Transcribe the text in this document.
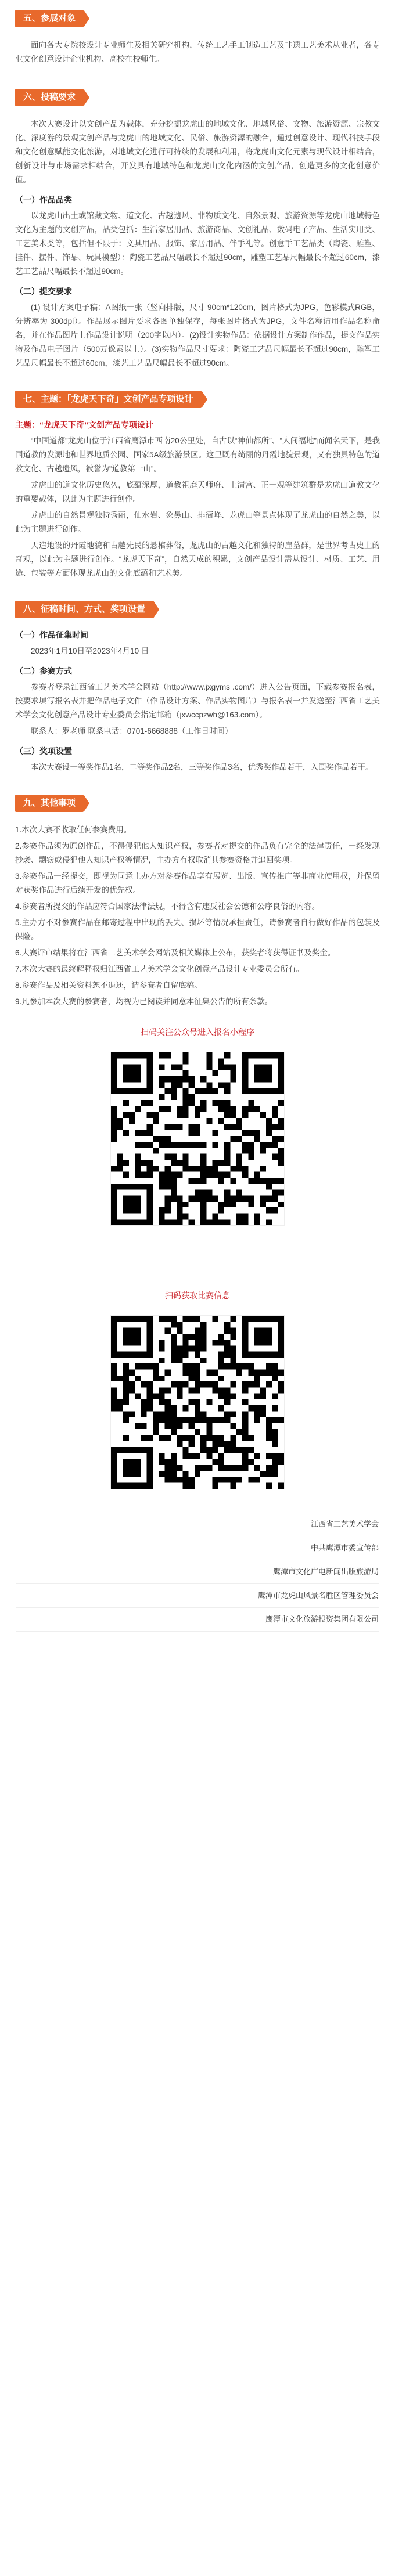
五、参展对象

面向各大专院校设计专业师生及相关研究机构，传统工艺手工制造工艺及非遗工艺美术从业者，各专业文化创意设计企业机构、高校在校师生。

六、投稿要求

本次大赛设计以文创产品为载体，充分挖掘龙虎山的地域文化、地域风俗、文物、旅游资源、宗教文化、深度游的景观文创产品与龙虎山的地域文化、民俗、旅游资源的融合，通过创意设计、现代科技手段和文化创意赋能文化旅游，对地域文化进行可持续的发展和利用，将龙虎山文化元素与现代设计相结合，创新设计与市场需求相结合，开发具有地域特色和龙虎山文化内涵的文创产品，创造更多的文化创意价值。

（一）作品品类

以龙虎山出土或馆藏文物、道文化、古越遗风、非物质文化、自然景观、旅游资源等龙虎山地域特色文化为主题的文创产品，品类包括：生活家居用品、旅游商品、文创礼品、数码电子产品、生活实用类、工艺美术类等，包括但不限于：文具用品、服饰、家居用品、伴手礼等。创意手工艺品类（陶瓷、雕塑、挂件、摆件、饰品、玩具模型）：陶瓷工艺品尺幅最长不超过90cm，雕塑工艺品尺幅最长不超过60cm，漆艺工艺品尺幅最长不超过90cm。

（二）提交要求

(1) 设计方案电子稿：A图纸一张（竖向排版，尺寸 90cm*120cm，图片格式为JPG，色彩模式RGB，分辨率为 300dpi）。作品展示图片要求各图单独保存，每张图片格式为JPG，文件名称请用作品名称命名，并在作品图片上作品设计说明（200字以内）。(2)设计实物作品：依据设计方案制作作品，提交作品实物及作品电子图片（500万像素以上）。(3)实物作品尺寸要求：陶瓷工艺品尺幅最长不超过90cm，雕塑工艺品尺幅最长不超过60cm，漆艺工艺品尺幅最长不超过90cm。

七、主题：「龙虎天下奇」文创产品专项设计

主题：“龙虎天下奇”文创产品专项设计

“中国道都”龙虎山位于江西省鹰潭市西南20公里处，自古以“神仙都所”、“人间福地”而闻名天下，是我国道教的发源地和世界地质公园、国家5A级旅游景区。这里既有绮丽的丹霞地貌景观，又有独具特色的道教文化、古越遗风，被誉为“道教第一山”。

龙虎山的道文化历史悠久，底蕴深厚，道教祖庭天师府、上清宫、正一观等建筑群是龙虎山道教文化的重要载体，以此为主题进行创作。

龙虎山的自然景观独特秀丽，仙水岩、象鼻山、排衙峰、龙虎山等景点体现了龙虎山的自然之美，以此为主题进行创作。

天造地设的丹霞地貌和古越先民的悬棺葬俗，龙虎山的古越文化和独特的崖墓群，是世界考古史上的奇观，以此为主题进行创作。“龙虎天下奇”，自然天成的积累，文创产品设计需从设计、材质、工艺、用途、包装等方面体现龙虎山的文化底蕴和艺术美。

八、征稿时间、方式、奖项设置

（一）作品征集时间

2023年1月10日至2023年4月10 日

（二）参赛方式

参赛者登录江西省工艺美术学会网站（http://www.jxgyms .com/）进入公告页面，下载参赛报名表，按要求填写报名表并把作品电子文件（作品设计方案、作品实物图片）与报名表一并发送至江西省工艺美术学会文化创意产品设计专业委员会指定邮箱（jxwccpzwh@163.com）。

联系人：罗老师 联系电话：0701-6668888（工作日时间）

（三）奖项设置

本次大赛设一等奖作品1名，二等奖作品2名，三等奖作品3名，优秀奖作品若干，入围奖作品若干。

九、其他事项

1.本次大赛不收取任何参赛费用。

2.参赛作品须为原创作品，不得侵犯他人知识产权，参赛者对提交的作品负有完全的法律责任，一经发现抄袭、剽窃或侵犯他人知识产权等情况，主办方有权取消其参赛资格并追回奖项。

3.参赛作品一经提交，即视为同意主办方对参赛作品享有展览、出版、宣传推广等非商业使用权，并保留对获奖作品进行后续开发的优先权。

4.参赛者所提交的作品应符合国家法律法规，不得含有违反社会公德和公序良俗的内容。

5.主办方不对参赛作品在邮寄过程中出现的丢失、损坏等情况承担责任，请参赛者自行做好作品的包装及保险。

6.大赛评审结果将在江西省工艺美术学会网站及相关媒体上公布，获奖者将获得证书及奖金。

7.本次大赛的最终解释权归江西省工艺美术学会文化创意产品设计专业委员会所有。

8.参赛作品及相关资料恕不退还，请参赛者自留底稿。

9.凡参加本次大赛的参赛者，均视为已阅读并同意本征集公告的所有条款。

扫码关注公众号进入报名小程序
扫码获取比赛信息
江西省工艺美术学会
中共鹰潭市委宣传部
鹰潭市文化广电新闻出版旅游局
鹰潭市龙虎山风景名胜区管理委员会
鹰潭市文化旅游投资集团有限公司
